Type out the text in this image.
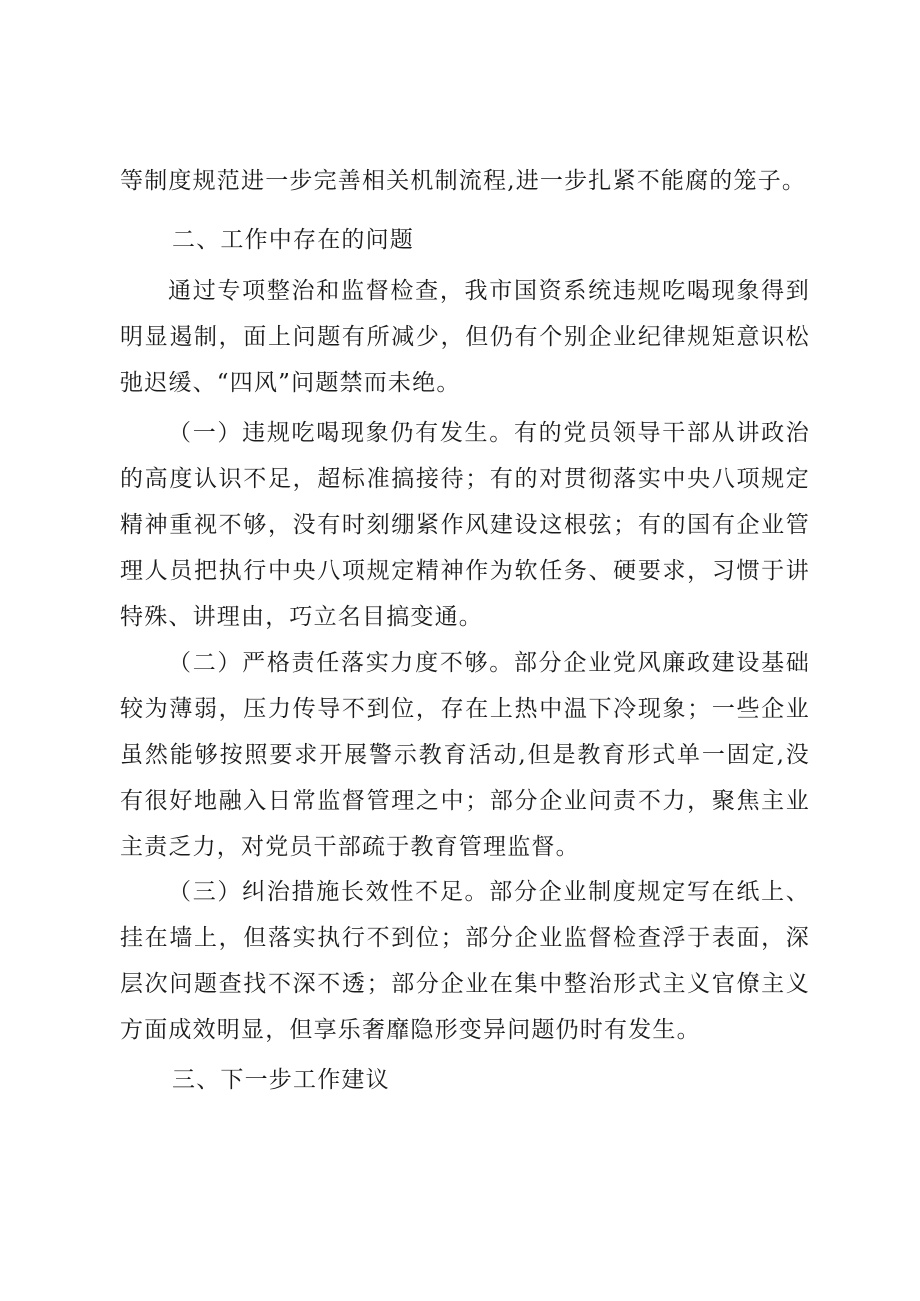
等制度规范进一步完善相关机制流程,进一步扎紧不能腐的笼子。

二、工作中存在的问题

通过专项整治和监督检查，我市国资系统违规吃喝现象得到明显遏制，面上问题有所减少，但仍有个别企业纪律规矩意识松弛迟缓、“四风”问题禁而未绝。

（一）违规吃喝现象仍有发生。有的党员领导干部从讲政治的高度认识不足，超标准搞接待；有的对贯彻落实中央八项规定精神重视不够，没有时刻绷紧作风建设这根弦；有的国有企业管理人员把执行中央八项规定精神作为软任务、硬要求，习惯于讲特殊、讲理由，巧立名目搞变通。

（二）严格责任落实力度不够。部分企业党风廉政建设基础较为薄弱，压力传导不到位，存在上热中温下冷现象；一些企业虽然能够按照要求开展警示教育活动,但是教育形式单一固定,没有很好地融入日常监督管理之中；部分企业问责不力，聚焦主业主责乏力，对党员干部疏于教育管理监督。

（三）纠治措施长效性不足。部分企业制度规定写在纸上、挂在墙上，但落实执行不到位；部分企业监督检查浮于表面，深层次问题查找不深不透；部分企业在集中整治形式主义官僚主义方面成效明显，但享乐奢靡隐形变异问题仍时有发生。

三、下一步工作建议
